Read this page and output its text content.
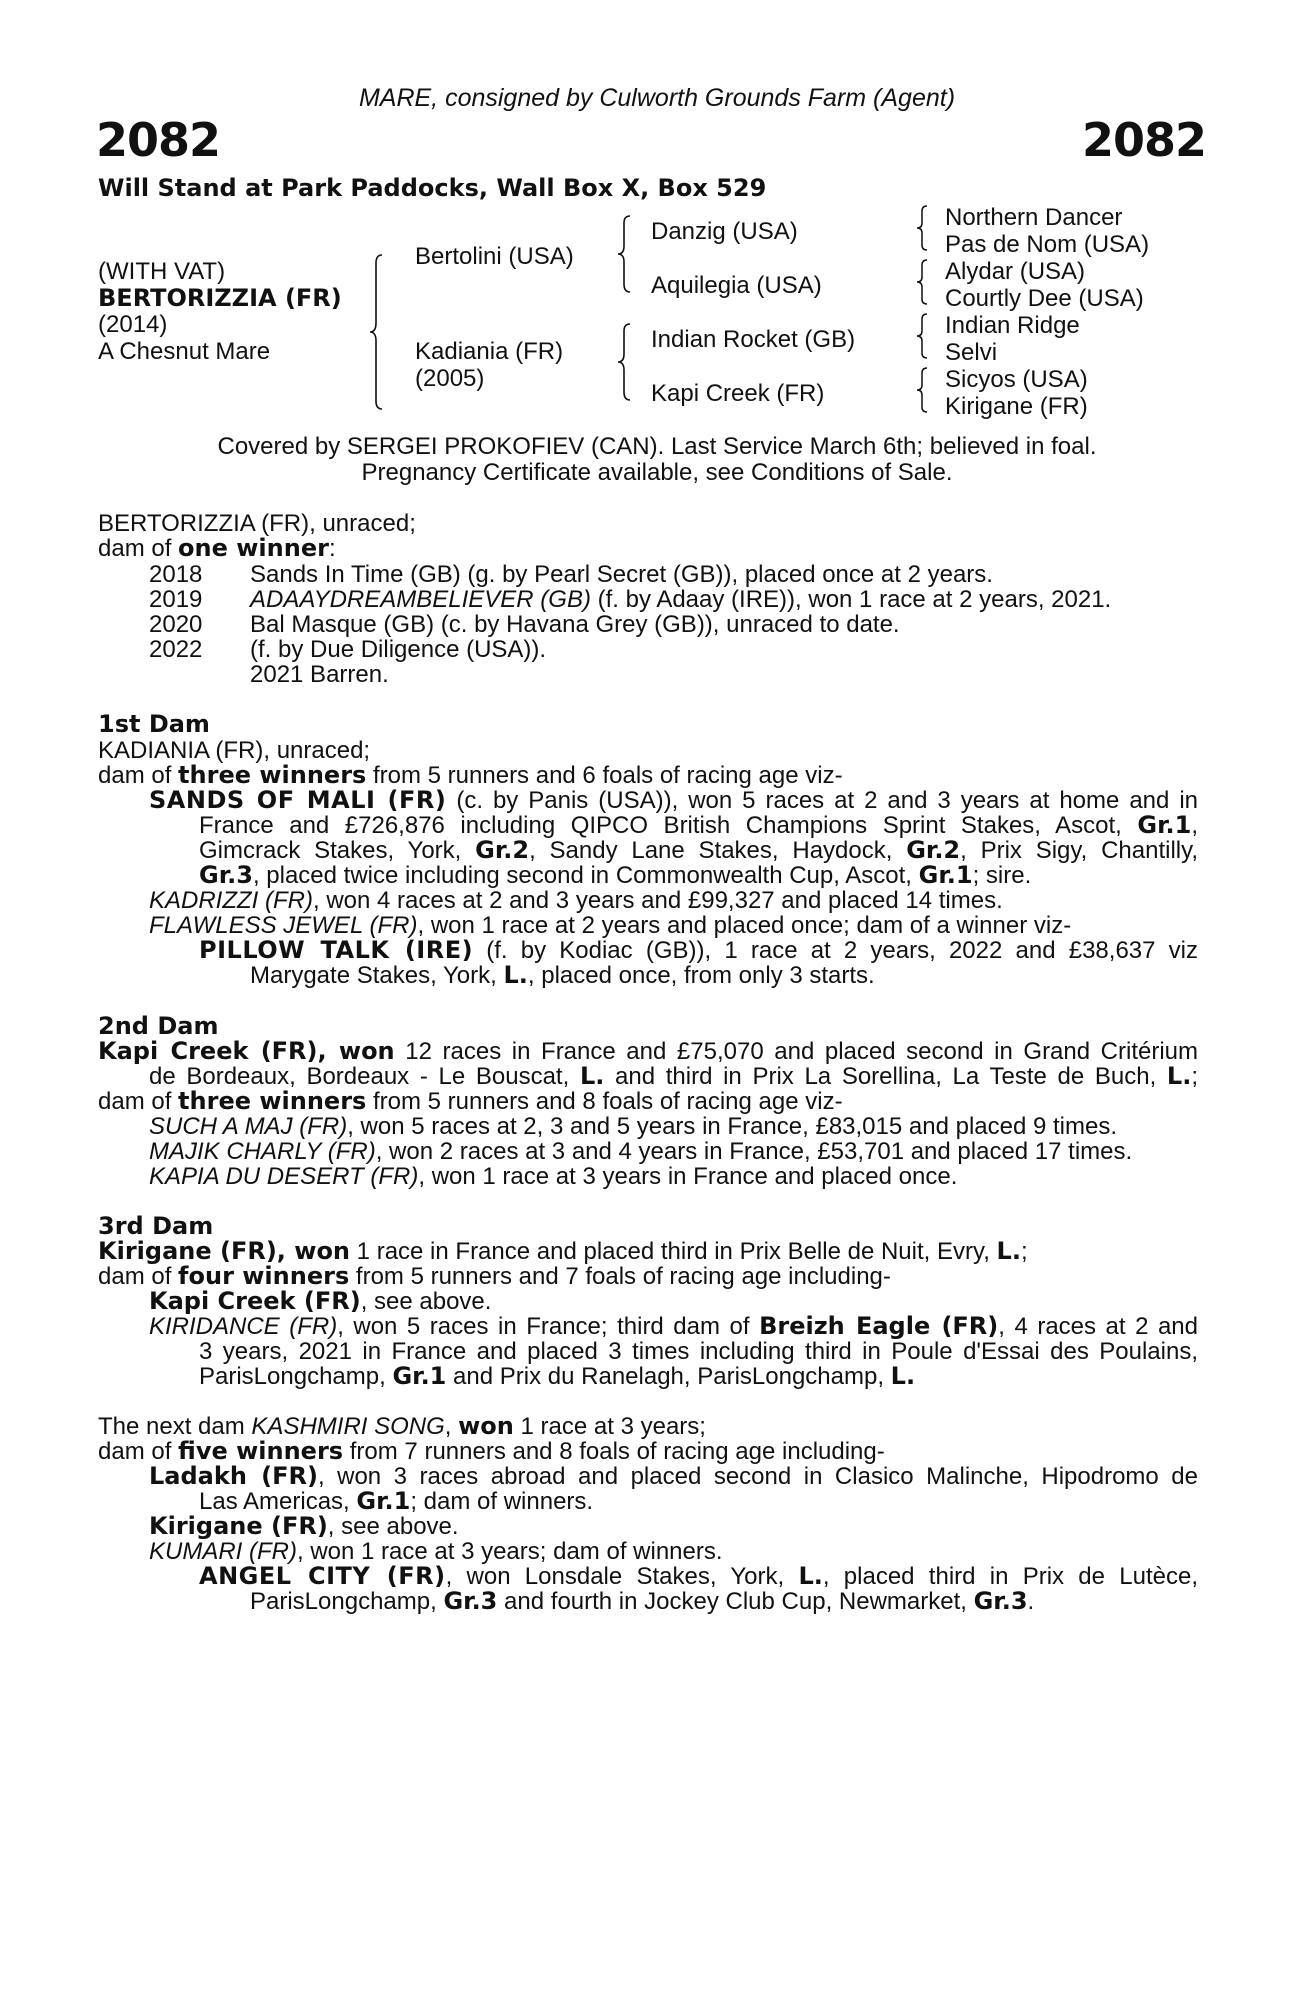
MARE, consigned by Culworth Grounds Farm (Agent)
2082	2082
Will Stand at Park Paddocks, Wall Box X, Box 529
(WITH VAT)
BERTORIZZIA (FR)
(2014)
A Chesnut Mare
Bertolini (USA)
Kadiania (FR)
(2005)
Danzig (USA)
Aquilegia (USA)
Indian Rocket (GB)
Kapi Creek (FR)
Northern Dancer
Pas de Nom (USA)
Alydar (USA)
Courtly Dee (USA)
Indian Ridge
Selvi
Sicyos (USA)
Kirigane (FR)
Covered by SERGEI PROKOFIEV (CAN). Last Service March 6th; believed in foal.
Pregnancy Certificate available, see Conditions of Sale.
BERTORIZZIA (FR), unraced;
dam of one winner:
2018 Sands In Time (GB) (g. by Pearl Secret (GB)), placed once at 2 years.
2019 ADAAYDREAMBELIEVER (GB) (f. by Adaay (IRE)), won 1 race at 2 years, 2021.
2020 Bal Masque (GB) (c. by Havana Grey (GB)), unraced to date.
2022 (f. by Due Diligence (USA)).
2021 Barren.
1st Dam
KADIANIA (FR), unraced;
dam of three winners from 5 runners and 6 foals of racing age viz-
SANDS OF MALI (FR) (c. by Panis (USA)), won 5 races at 2 and 3 years at home and in
France and £726,876 including QIPCO British Champions Sprint Stakes, Ascot, Gr.1,
Gimcrack Stakes, York, Gr.2, Sandy Lane Stakes, Haydock, Gr.2, Prix Sigy, Chantilly,
Gr.3, placed twice including second in Commonwealth Cup, Ascot, Gr.1; sire.
KADRIZZI (FR), won 4 races at 2 and 3 years and £99,327 and placed 14 times.
FLAWLESS JEWEL (FR), won 1 race at 2 years and placed once; dam of a winner viz-
PILLOW TALK (IRE) (f. by Kodiac (GB)), 1 race at 2 years, 2022 and £38,637 viz
Marygate Stakes, York, L., placed once, from only 3 starts.
2nd Dam
Kapi Creek (FR), won 12 races in France and £75,070 and placed second in Grand Critérium
de Bordeaux, Bordeaux - Le Bouscat, L. and third in Prix La Sorellina, La Teste de Buch, L.;
dam of three winners from 5 runners and 8 foals of racing age viz-
SUCH A MAJ (FR), won 5 races at 2, 3 and 5 years in France, £83,015 and placed 9 times.
MAJIK CHARLY (FR), won 2 races at 3 and 4 years in France, £53,701 and placed 17 times.
KAPIA DU DESERT (FR), won 1 race at 3 years in France and placed once.
3rd Dam
Kirigane (FR), won 1 race in France and placed third in Prix Belle de Nuit, Evry, L.;
dam of four winners from 5 runners and 7 foals of racing age including-
Kapi Creek (FR), see above.
KIRIDANCE (FR), won 5 races in France; third dam of Breizh Eagle (FR), 4 races at 2 and
3 years, 2021 in France and placed 3 times including third in Poule d'Essai des Poulains,
ParisLongchamp, Gr.1 and Prix du Ranelagh, ParisLongchamp, L.
The next dam KASHMIRI SONG, won 1 race at 3 years;
dam of five winners from 7 runners and 8 foals of racing age including-
Ladakh (FR), won 3 races abroad and placed second in Clasico Malinche, Hipodromo de
Las Americas, Gr.1; dam of winners.
Kirigane (FR), see above.
KUMARI (FR), won 1 race at 3 years; dam of winners.
ANGEL CITY (FR), won Lonsdale Stakes, York, L., placed third in Prix de Lutèce,
ParisLongchamp, Gr.3 and fourth in Jockey Club Cup, Newmarket, Gr.3.
